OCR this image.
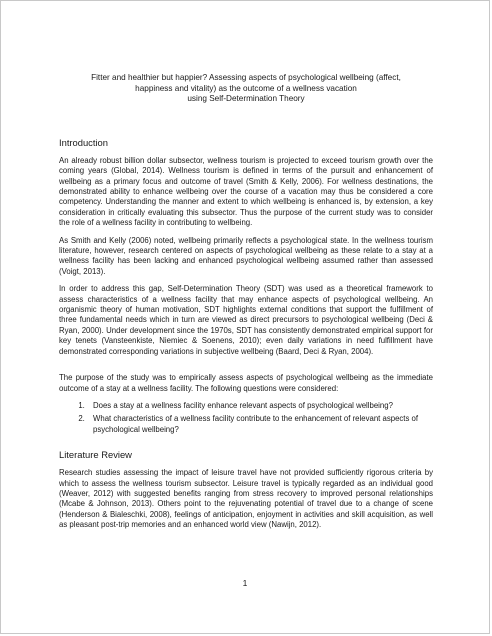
Fitter and healthier but happier? Assessing aspects of psychological wellbeing (affect,
happiness and vitality) as the outcome of a wellness vacation
using Self-Determination Theory
Introduction

An already robust billion dollar subsector, wellness tourism is projected to exceed tourism growth over the coming years (Global, 2014). Wellness tourism is defined in terms of the pursuit and enhancement of wellbeing as a primary focus and outcome of travel (Smith & Kelly, 2006). For wellness destinations, the demonstrated ability to enhance wellbeing over the course of a vacation may thus be considered a core competency. Understanding the manner and extent to which wellbeing is enhanced is, by extension, a key consideration in critically evaluating this subsector. Thus the purpose of the current study was to consider the role of a wellness facility in contributing to wellbeing.

As Smith and Kelly (2006) noted, wellbeing primarily reflects a psychological state. In the wellness tourism literature, however, research centered on aspects of psychological wellbeing as these relate to a stay at a wellness facility has been lacking and enhanced psychological wellbeing assumed rather than assessed (Voigt, 2013).

In order to address this gap, Self-Determination Theory (SDT) was used as a theoretical framework to assess characteristics of a wellness facility that may enhance aspects of psychological wellbeing. An organismic theory of human motivation, SDT highlights external conditions that support the fulfillment of three fundamental needs which in turn are viewed as direct precursors to psychological wellbeing (Deci & Ryan, 2000). Under development since the 1970s, SDT has consistently demonstrated empirical support for key tenets (Vansteenkiste, Niemiec & Soenens, 2010); even daily variations in need fulfillment have demonstrated corresponding variations in subjective wellbeing (Baard, Deci & Ryan, 2004).

The purpose of the study was to empirically assess aspects of psychological wellbeing as the immediate outcome of a stay at a wellness facility. The following questions were considered:

1. Does a stay at a wellness facility enhance relevant aspects of psychological wellbeing?
2. What characteristics of a wellness facility contribute to the enhancement of relevant aspects of psychological wellbeing?
Literature Review

Research studies assessing the impact of leisure travel have not provided sufficiently rigorous criteria by which to assess the wellness tourism subsector. Leisure travel is typically regarded as an individual good (Weaver, 2012) with suggested benefits ranging from stress recovery to improved personal relationships (Mcabe & Johnson, 2013). Others point to the rejuvenating potential of travel due to a change of scene (Henderson & Bialeschki, 2008), feelings of anticipation, enjoyment in activities and skill acquisition, as well as pleasant post-trip memories and an enhanced world view (Nawijn, 2012).

1
